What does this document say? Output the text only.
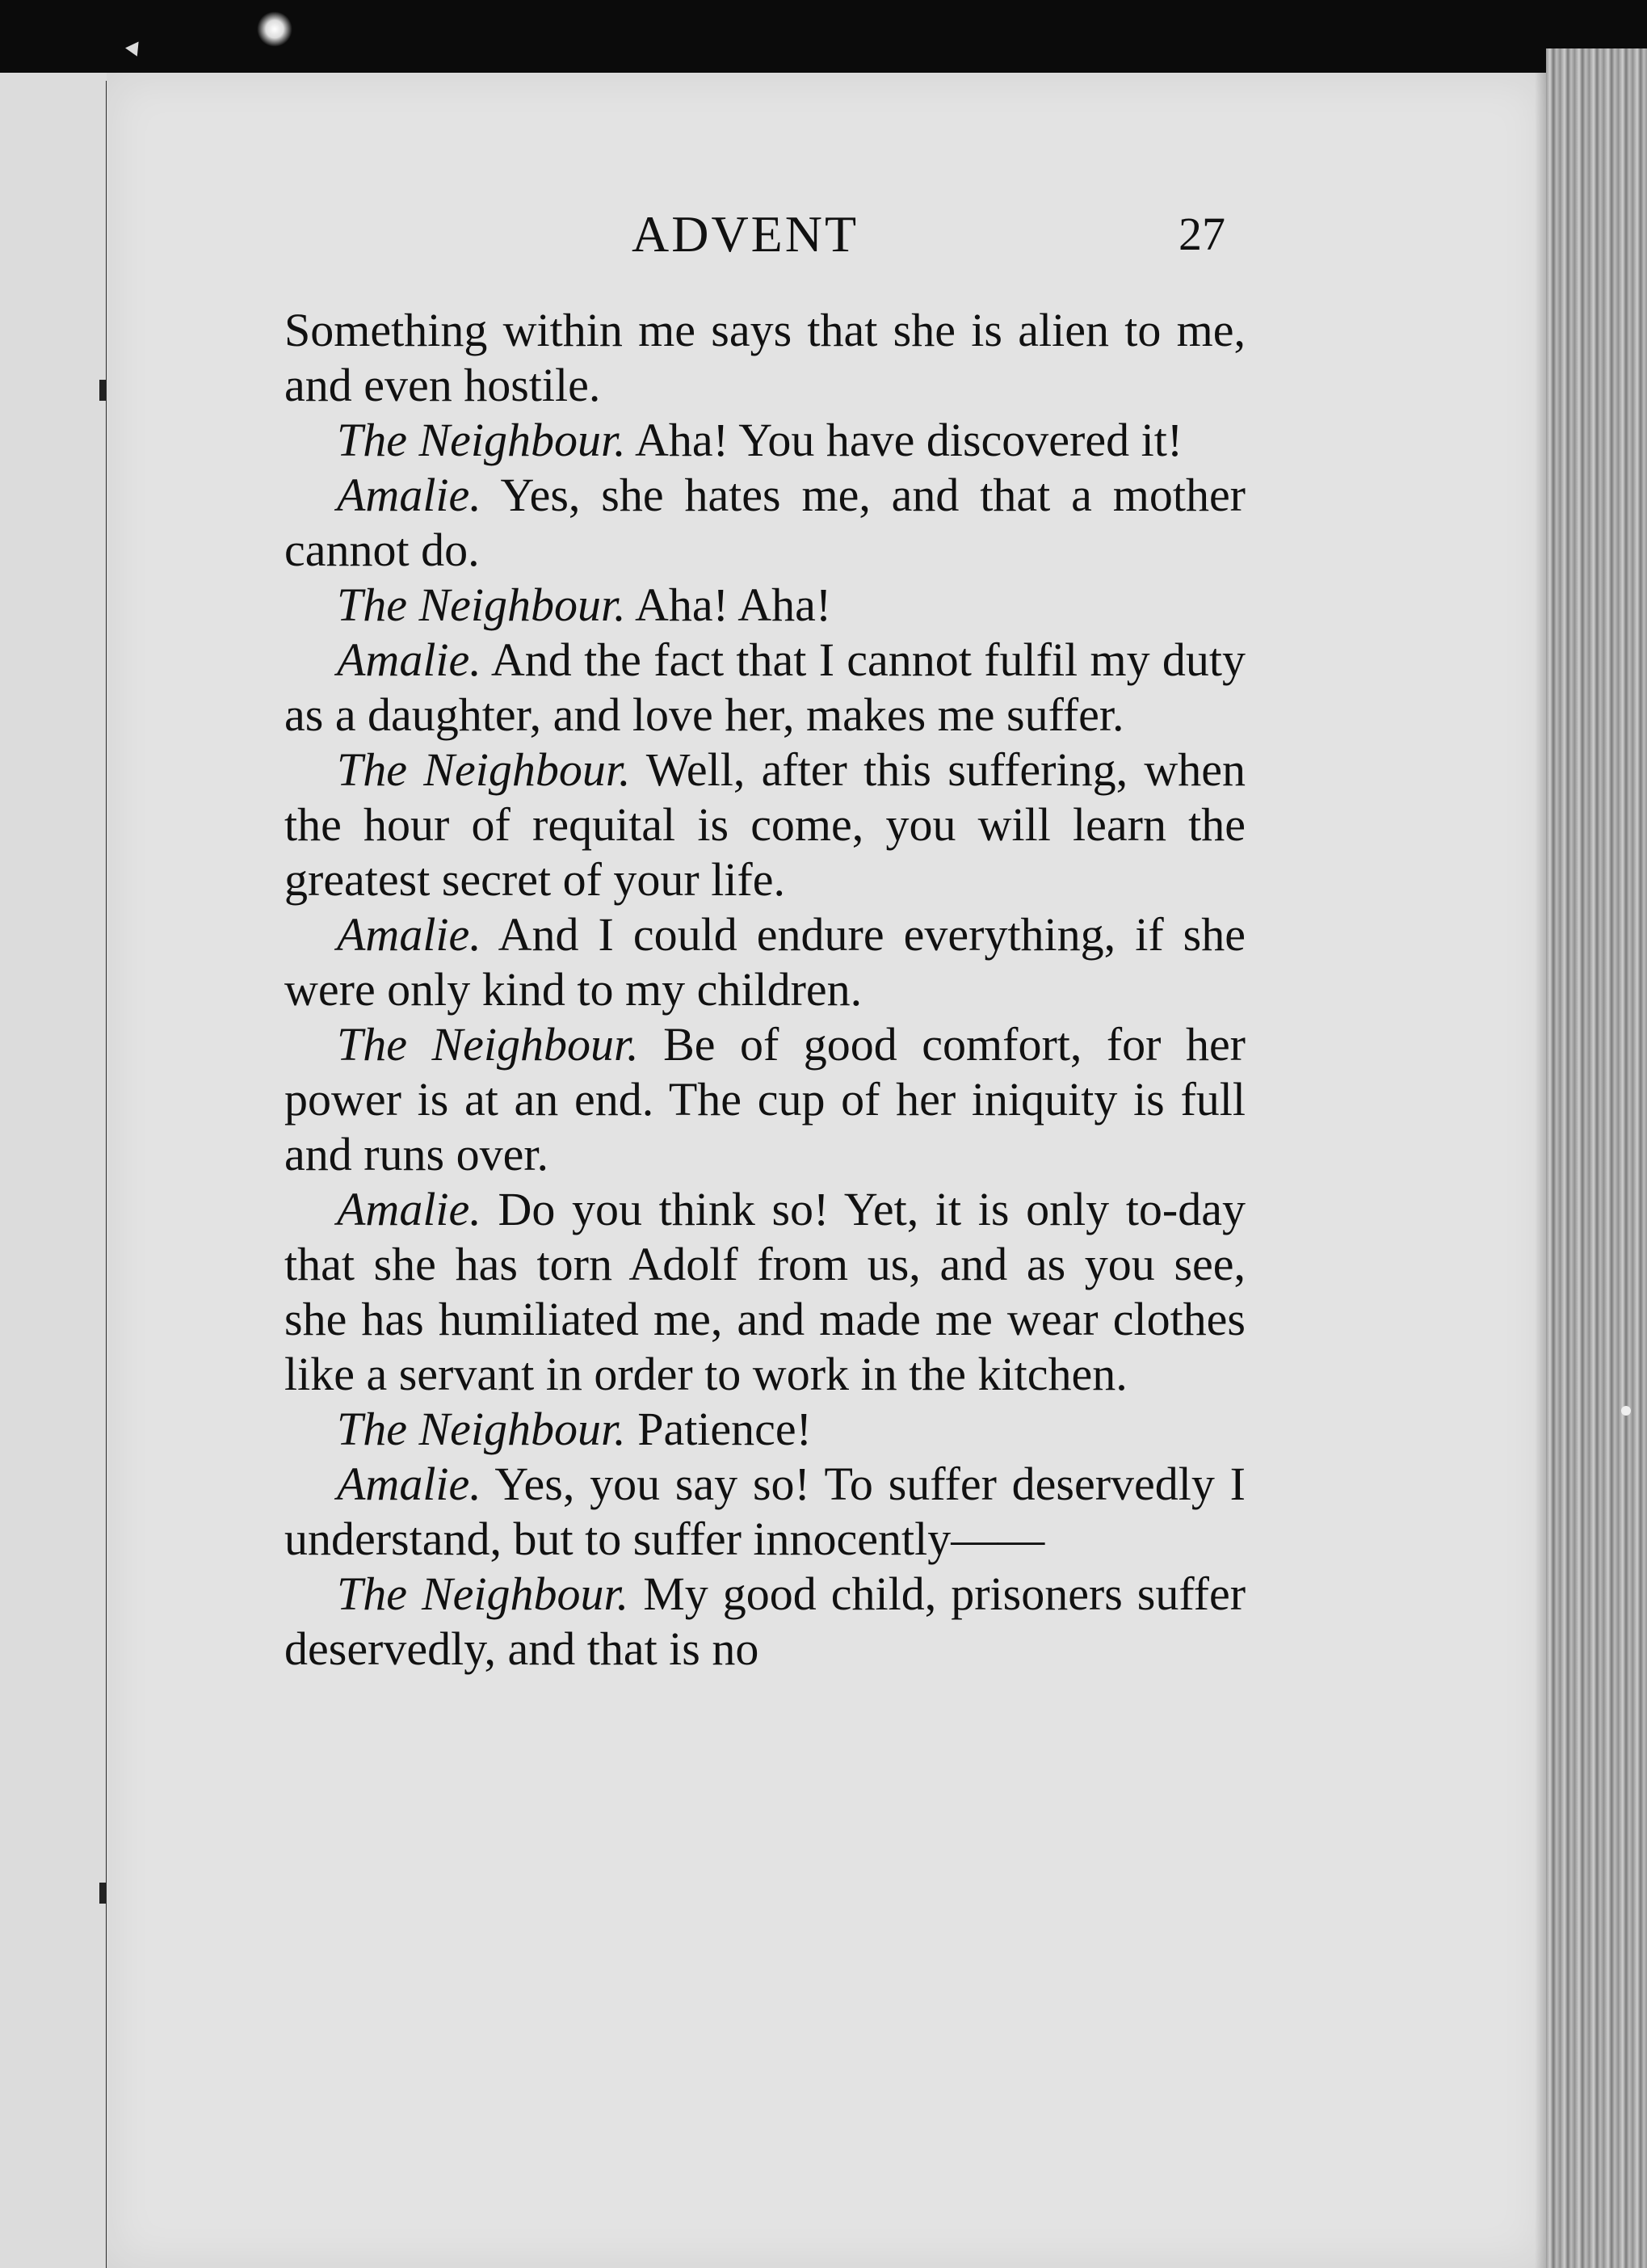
ADVENT	27

Something within me says that she is alien to me, and even hostile.

The Neighbour. Aha! You have discovered it!

Amalie. Yes, she hates me, and that a mother cannot do.

The Neighbour. Aha! Aha!

Amalie. And the fact that I cannot fulfil my duty as a daughter, and love her, makes me suffer.

The Neighbour. Well, after this suffering, when the hour of requital is come, you will learn the greatest secret of your life.

Amalie. And I could endure everything, if she were only kind to my children.

The Neighbour. Be of good comfort, for her power is at an end. The cup of her iniquity is full and runs over.

Amalie. Do you think so! Yet, it is only to-day that she has torn Adolf from us, and as you see, she has humiliated me, and made me wear clothes like a servant in order to work in the kitchen.

The Neighbour. Patience!

Amalie. Yes, you say so! To suffer deservedly I understand, but to suffer innocently——

The Neighbour. My good child, prisoners suffer deservedly, and that is no
